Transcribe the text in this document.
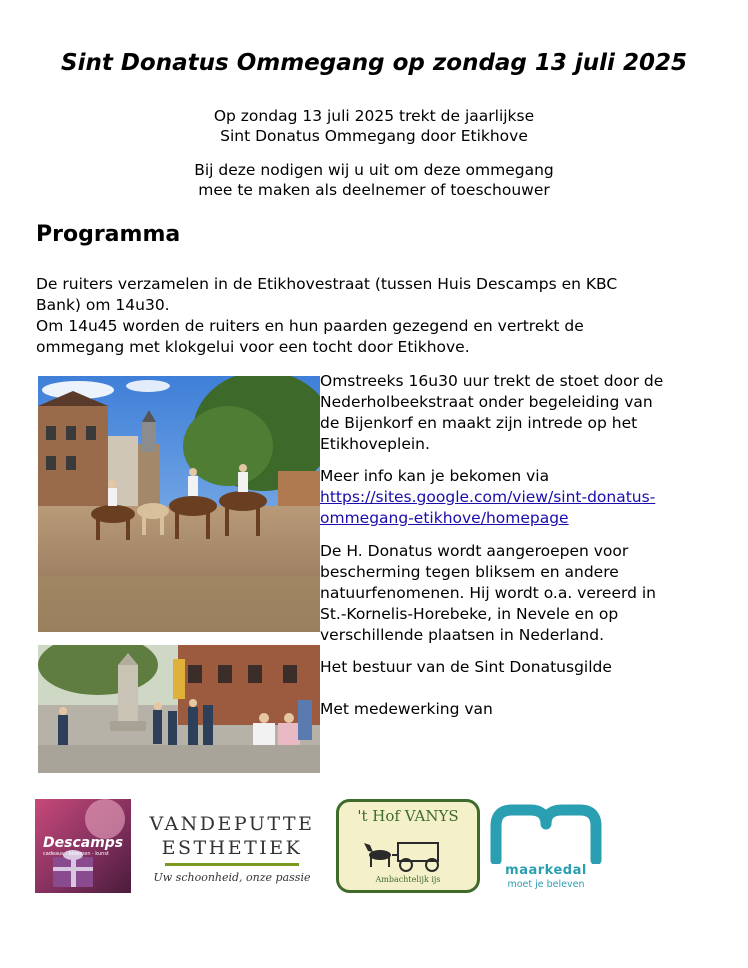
Sint Donatus Ommegang op zondag 13 juli 2025

Op zondag 13 juli 2025 trekt de jaarlijkse
Sint Donatus Ommegang door Etikhove

Bij deze nodigen wij u uit om deze ommegang
mee te maken als deelnemer of toeschouwer

Programma

De ruiters verzamelen in de Etikhovestraat (tussen Huis Descamps en KBC
Bank) om 14u30.
Om 14u45 worden de ruiters en hun paarden gezegend en vertrekt de
ommegang met klokgelui voor een tocht door Etikhove.

Omstreeks 16u30 uur trekt de stoet door de
Nederholbeekstraat onder begeleiding van
de Bijenkorf en maakt zijn intrede op het
Etikhoveplein.

Meer info kan je bekomen via
https://sites.google.com/view/sint-donatus-
ommegang-etikhove/homepage

De H. Donatus wordt aangeroepen voor
bescherming tegen bliksem en andere
natuurfenomenen. Hij wordt o.a. vereerd in
St.-Kornelis-Horebeke, in Nevele en op
verschillende plaatsen in Nederland.

Het bestuur van de Sint Donatusgilde

Met medewerking van

Descamps
cadeaus · bloemen · kunst
VANDEPUTTE
ESTHETIEK
Uw schoonheid, onze passie
't Hof VANYS
Ambachtelijk ijs
maarkedal
moet je beleven
